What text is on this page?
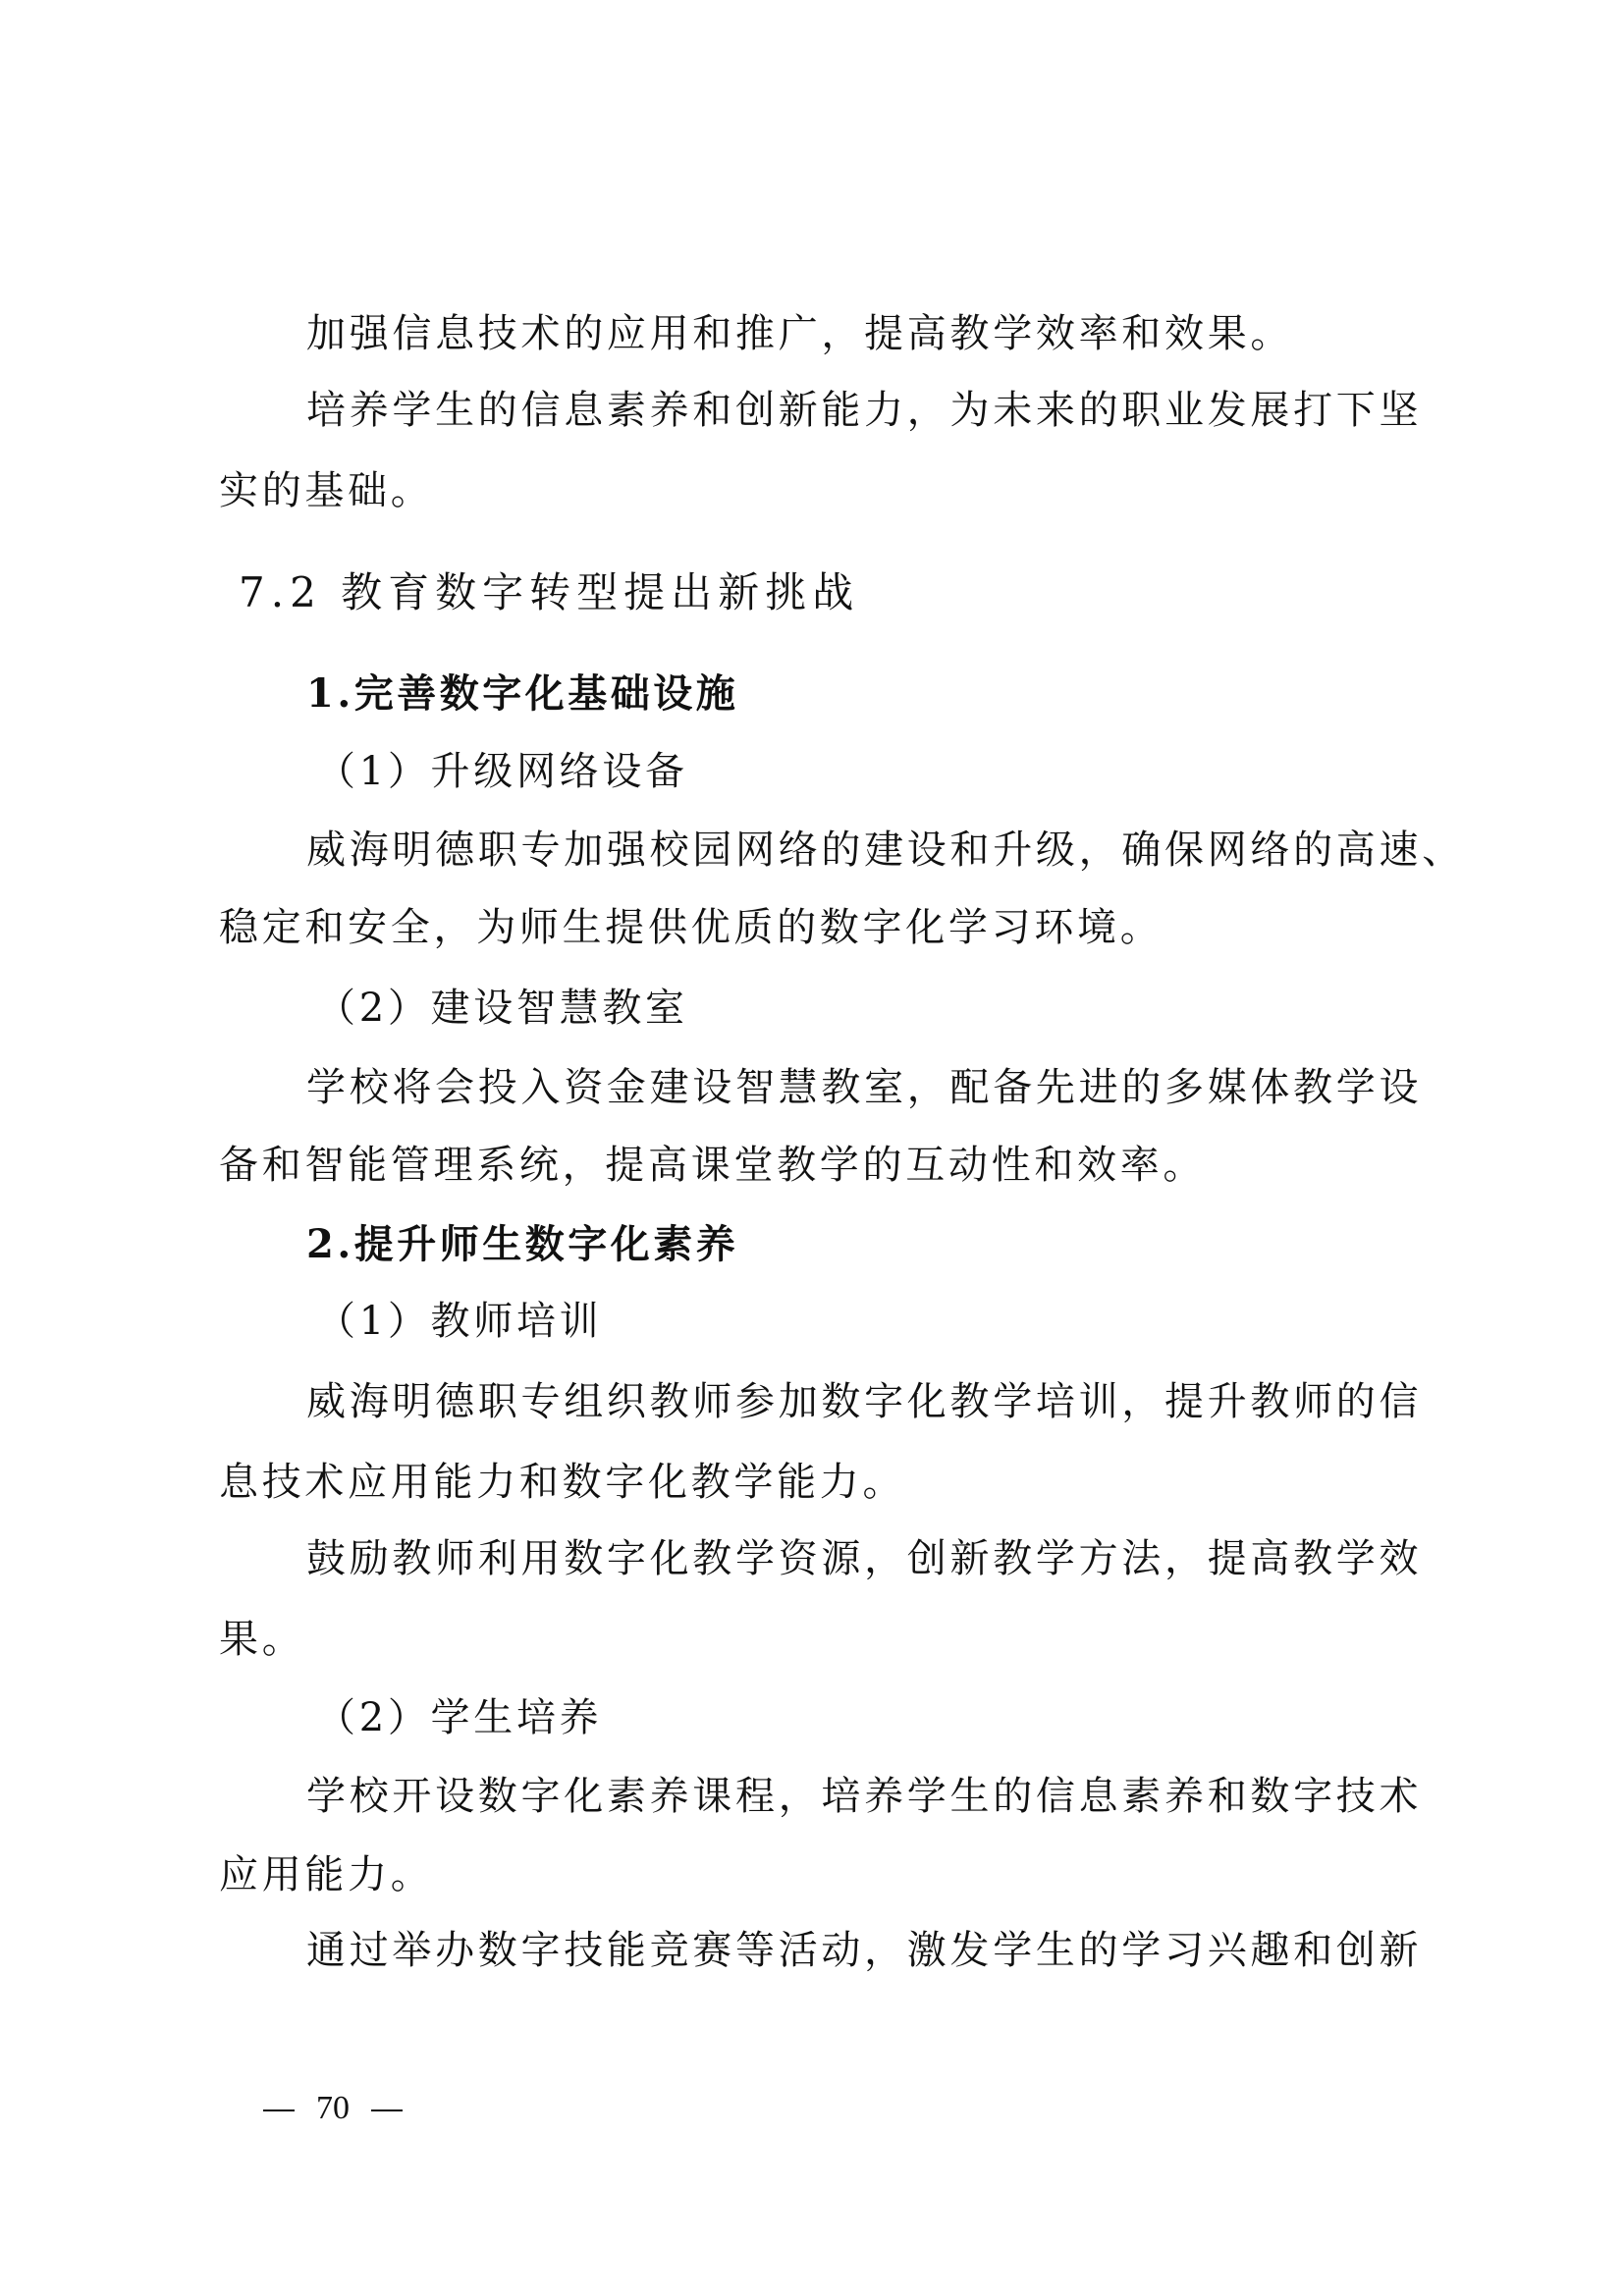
加强信息技术的应用和推广，提高教学效率和效果。
培养学生的信息素养和创新能力，为未来的职业发展打下坚
实的基础。
7.2 教育数字转型提出新挑战
1.完善数字化基础设施
（1）升级网络设备
威海明德职专加强校园网络的建设和升级，确保网络的高速、
稳定和安全，为师生提供优质的数字化学习环境。
（2）建设智慧教室
学校将会投入资金建设智慧教室，配备先进的多媒体教学设
备和智能管理系统，提高课堂教学的互动性和效率。
2.提升师生数字化素养
（1）教师培训
威海明德职专组织教师参加数字化教学培训，提升教师的信
息技术应用能力和数字化教学能力。
鼓励教师利用数字化教学资源，创新教学方法，提高教学效
果。
（2）学生培养
学校开设数字化素养课程，培养学生的信息素养和数字技术
应用能力。
通过举办数字技能竞赛等活动，激发学生的学习兴趣和创新
70
